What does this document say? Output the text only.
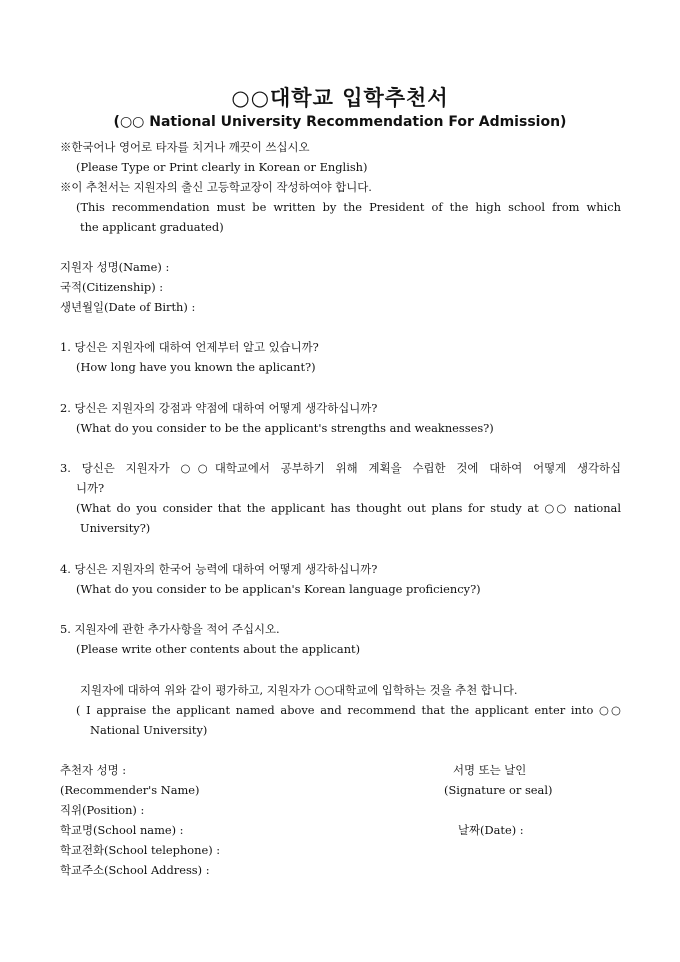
○○대학교 입학추천서
(○○ National University Recommendation For Admission)
※한국어나 영어로 타자를 치거나 깨끗이 쓰십시오
(Please Type or Print clearly in Korean or English)
※이 추천서는 지원자의 출신 고등학교장이 작성하여야 합니다.
(This recommendation must be written by the President of the high school from which
the applicant graduated)
지원자 성명(Name) :
국적(Citizenship) :
생년월일(Date of Birth) :
1. 당신은 지원자에 대하여 언제부터 알고 있습니까?
(How long have you known the aplicant?)
2. 당신은 지원자의 강점과 약점에 대하여 어떻게 생각하십니까?
(What do you consider to be the applicant's strengths and weaknesses?)
3. 당신은 지원자가 ○○대학교에서 공부하기 위해 계획을 수립한 것에 대하여 어떻게 생각하십
니까?
(What do you consider that the applicant has thought out plans for study at ○○ national
University?)
4. 당신은 지원자의 한국어 능력에 대하여 어떻게 생각하십니까?
(What do you consider to be applican's Korean language proficiency?)
5. 지원자에 관한 추가사항을 적어 주십시오.
(Please write other contents about the applicant)
지원자에 대하여 위와 같이 평가하고, 지원자가 ○○대학교에 입학하는 것을 추천 합니다.
( I appraise the applicant named above and recommend that the applicant enter into ○○
National University)
추천자 성명 :	서명 또는 날인
(Recommender's Name)	(Signature or seal)
직위(Position) :
학교명(School name) :	날짜(Date) :
학교전화(School telephone) :
학교주소(School Address) :
